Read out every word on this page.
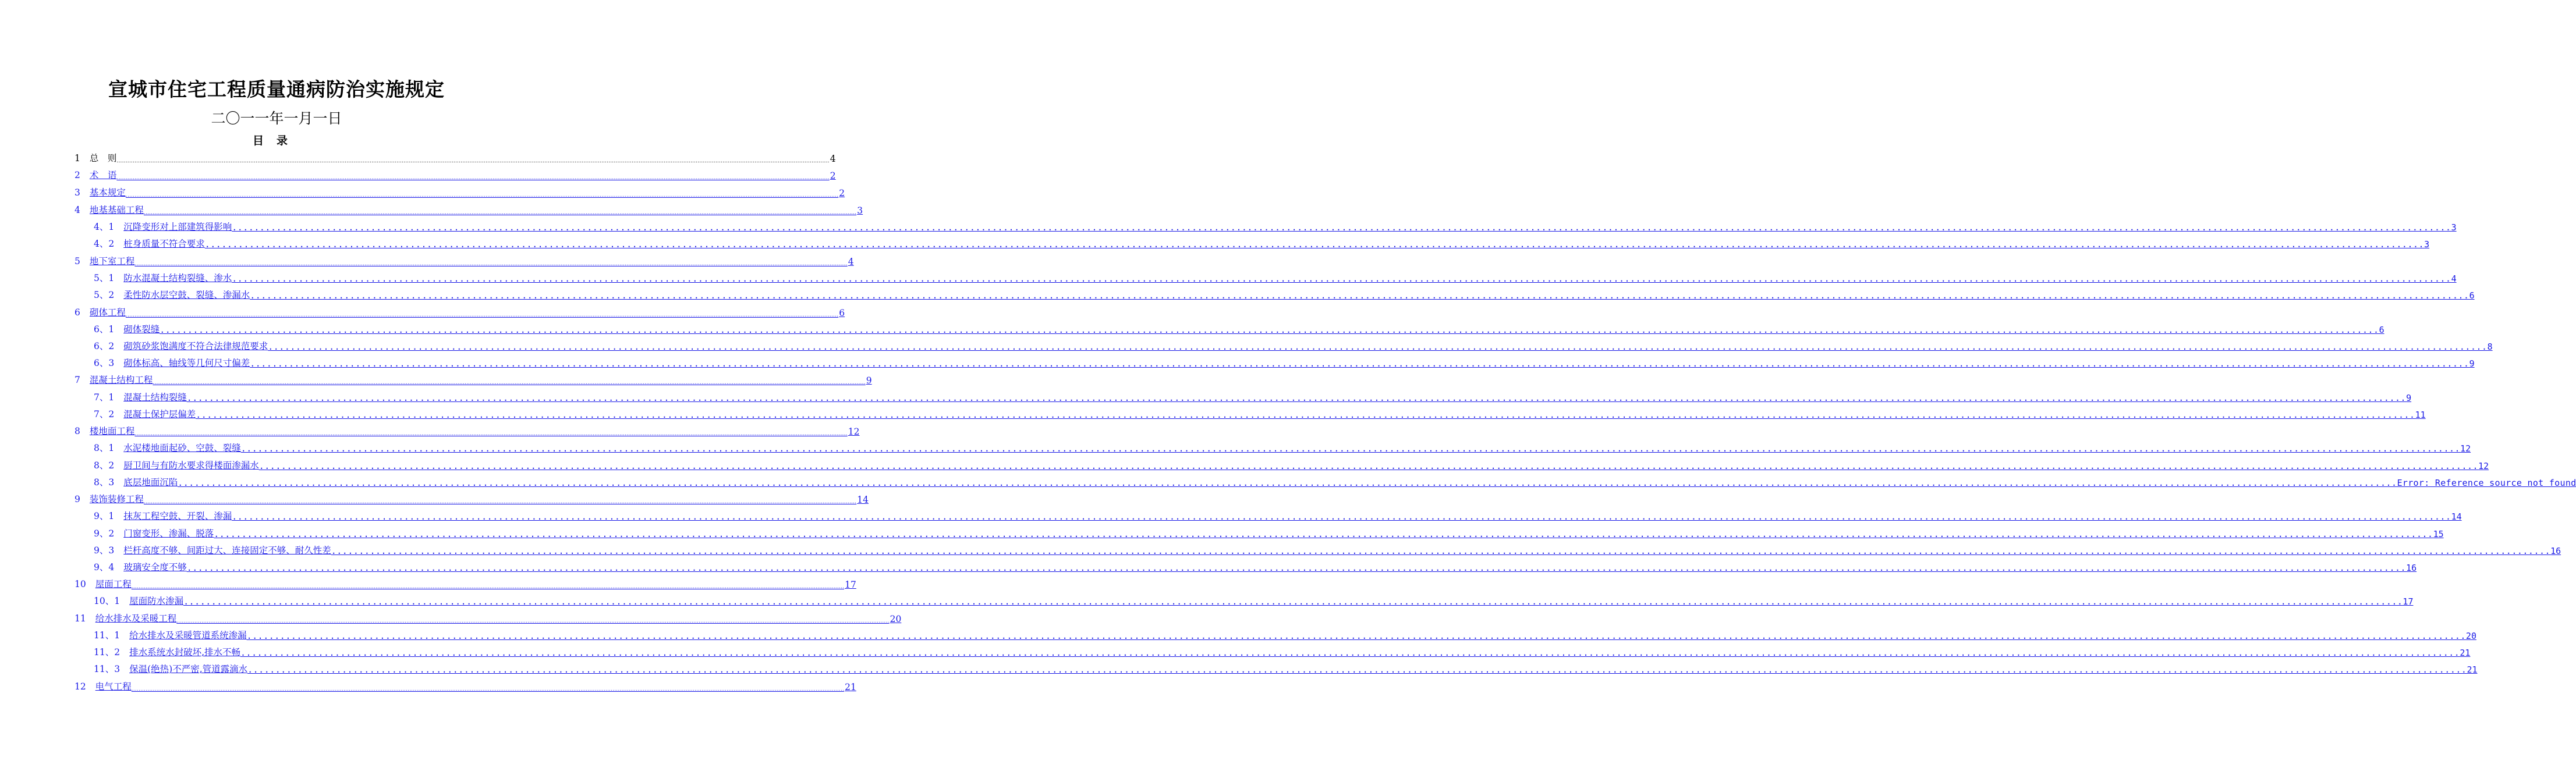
宣城市住宅工程质量通病防治实施规定
二〇一一年一月一日
目录
1 总　则 ................................................................................................................................................................................................................................................................................................................................................................................................................ 4
2 术　语 ................................................................................................................................................................................................................................................................................................................................................................................................................ 2
3 基本规定 ................................................................................................................................................................................................................................................................................................................................................................................................................ 2
4 地基基础工程 ................................................................................................................................................................................................................................................................................................................................................................................................................ 3
4、1 沉降变形对上部建筑得影响 ................................................................................................................................................................................................................................................................................................................................................................................................................ 3
4、2 桩身质量不符合要求 ................................................................................................................................................................................................................................................................................................................................................................................................................ 3
5 地下室工程 ................................................................................................................................................................................................................................................................................................................................................................................................................ 4
5、1 防水混凝土结构裂缝、渗水 ................................................................................................................................................................................................................................................................................................................................................................................................................ 4
5、2 柔性防水层空鼓、裂缝、渗漏水 ................................................................................................................................................................................................................................................................................................................................................................................................................ 6
6 砌体工程 ................................................................................................................................................................................................................................................................................................................................................................................................................ 6
6、1 砌体裂缝 ................................................................................................................................................................................................................................................................................................................................................................................................................ 6
6、2 砌筑砂浆饱满度不符合法律规范要求 ................................................................................................................................................................................................................................................................................................................................................................................................................ 8
6、3 砌体标高、轴线等几何尺寸偏差 ................................................................................................................................................................................................................................................................................................................................................................................................................ 9
7 混凝土结构工程 ................................................................................................................................................................................................................................................................................................................................................................................................................ 9
7、1 混凝土结构裂缝 ................................................................................................................................................................................................................................................................................................................................................................................................................ 9
7、2 混凝土保护层偏差 ................................................................................................................................................................................................................................................................................................................................................................................................................ 11
8 楼地面工程 ................................................................................................................................................................................................................................................................................................................................................................................................................ 12
8、1 水泥楼地面起砂、空鼓、裂缝 ................................................................................................................................................................................................................................................................................................................................................................................................................ 12
8、2 厨卫间与有防水要求得楼面渗漏水 ................................................................................................................................................................................................................................................................................................................................................................................................................ 12
8、3 底层地面沉陷 ................................................................................................................................................................................................................................................................................................................................................................................................................ Error: Reference source not found
9 装饰装修工程 ................................................................................................................................................................................................................................................................................................................................................................................................................ 14
9、1 抹灰工程空鼓、开裂、渗漏 ................................................................................................................................................................................................................................................................................................................................................................................................................ 14
9、2 门窗变形、渗漏、脱落 ................................................................................................................................................................................................................................................................................................................................................................................................................ 15
9、3 栏杆高度不够、间距过大、连接固定不够、耐久性差 ................................................................................................................................................................................................................................................................................................................................................................................................................ 16
9、4 玻璃安全度不够 ................................................................................................................................................................................................................................................................................................................................................................................................................ 16
10 屋面工程 ................................................................................................................................................................................................................................................................................................................................................................................................................ 17
10、1 屋面防水渗漏 ................................................................................................................................................................................................................................................................................................................................................................................................................ 17
11 给水排水及采暖工程 ................................................................................................................................................................................................................................................................................................................................................................................................................ 20
11、1 给水排水及采暖管道系统渗漏 ................................................................................................................................................................................................................................................................................................................................................................................................................ 20
11、2 排水系统水封破坏,排水不畅 ................................................................................................................................................................................................................................................................................................................................................................................................................ 21
11、3 保温(绝热)不严密,管道露滴水 ................................................................................................................................................................................................................................................................................................................................................................................................................ 21
12 电气工程 ................................................................................................................................................................................................................................................................................................................................................................................................................ 21
